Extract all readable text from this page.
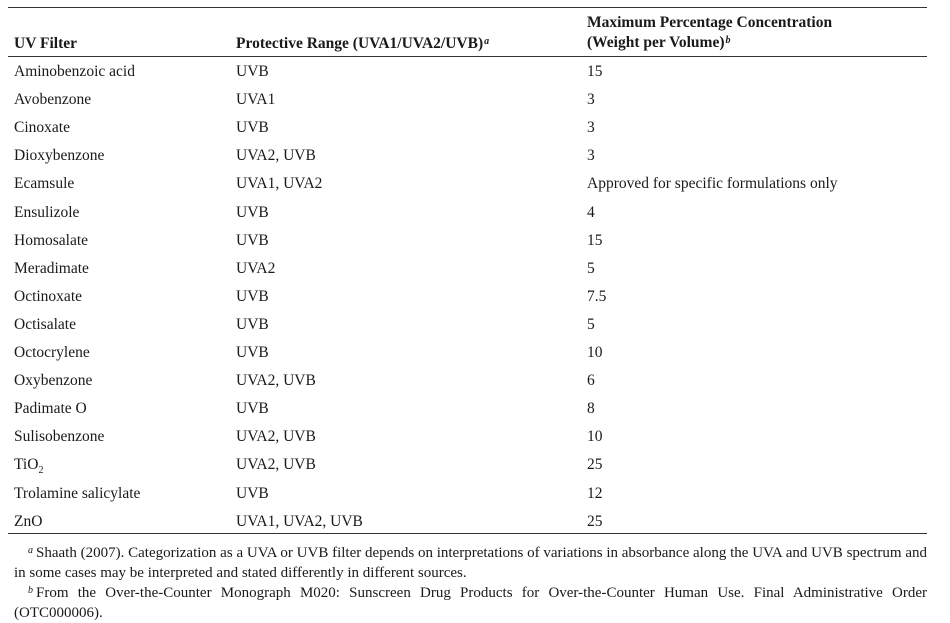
UV Filter	Protective Range $(UVA1/UVA2/UVB)^a$
Maximum Percentage Concentration
(Weight per Volume)$^b$
Aminobenzoic acid	UVB	15
Avobenzone	UVA1	3
Cinoxate	UVB	3
Dioxybenzone	UVA2, UVB	3
Ecamsule	UVA1, UVA2	Approved for specific formulations only
Ensulizole	UVB	4
Homosalate	UVB	15
Meradimate	UVA2	5
Octinoxate	UVB	7.5
Octisalate	UVB	5
Octocrylene	UVB	10
Oxybenzone	UVA2, UVB	6
Padimate O	UVB	8
Sulisobenzone	UVA2, UVB	10
TiO$_2$	UVA2, UVB	25
Trolamine salicylate	UVB	12
ZnO	UVA1, UVA2, UVB	25

$^a$ Shaath (2007). Categorization as a UVA or UVB filter depends on interpretations of variations in absorbance along the UVA and UVB spectrum and in some cases may be interpreted and stated differently in different sources.

$^b$ From the Over-the-Counter Monograph M020: Sunscreen Drug Products for Over-the-Counter Human Use. Final Administrative Order (OTC000006).
